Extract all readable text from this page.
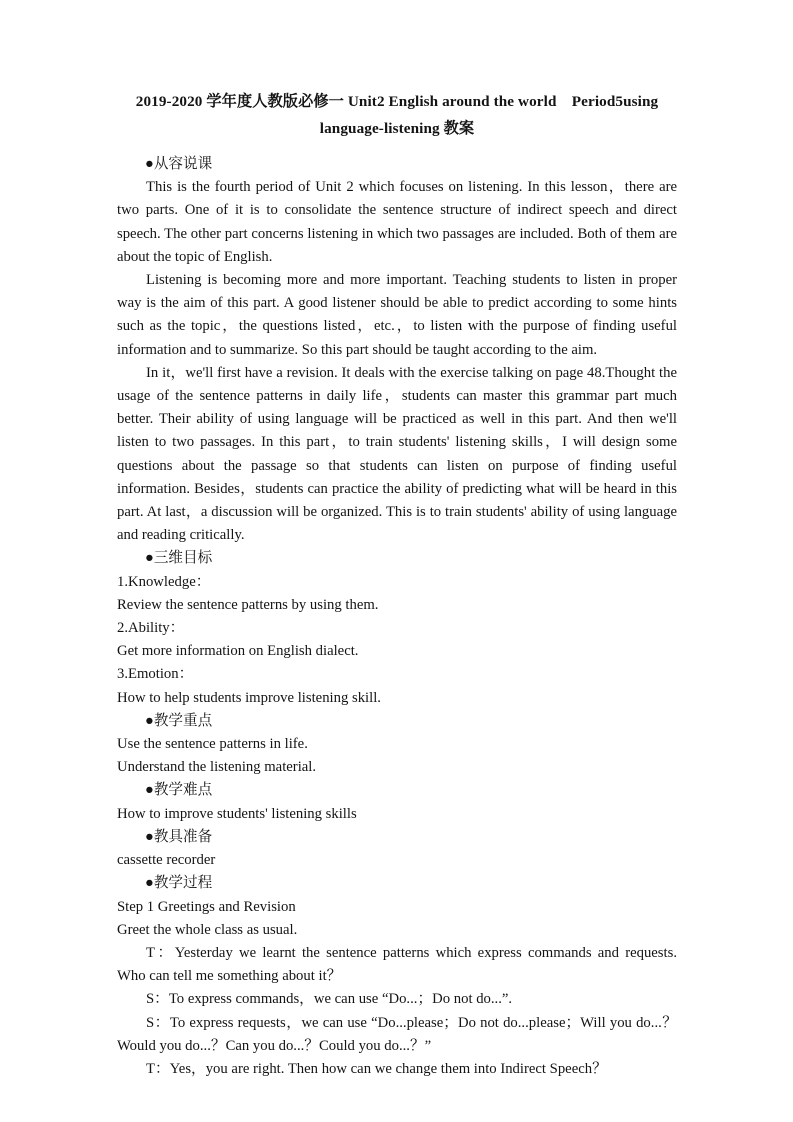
2019-2020 学年度人教版必修一 Unit2 English around the world Period5using
language-listening 教案

●从容说课

This is the fourth period of Unit 2 which focuses on listening. In this lesson，there are two parts. One of it is to consolidate the sentence structure of indirect speech and direct speech. The other part concerns listening in which two passages are included. Both of them are about the topic of English.

Listening is becoming more and more important. Teaching students to listen in proper way is the aim of this part. A good listener should be able to predict according to some hints such as the topic，the questions listed，etc.，to listen with the purpose of finding useful information and to summarize. So this part should be taught according to the aim.

In it，we'll first have a revision. It deals with the exercise talking on page 48.Thought the usage of the sentence patterns in daily life，students can master this grammar part much better. Their ability of using language will be practiced as well in this part. And then we'll listen to two passages. In this part，to train students' listening skills，I will design some questions about the passage so that students can listen on purpose of finding useful information. Besides，students can practice the ability of predicting what will be heard in this part. At last，a discussion will be organized. This is to train students' ability of using language and reading critically.

●三维目标

1.Knowledge：

Review the sentence patterns by using them.

2.Ability：

Get more information on English dialect.

3.Emotion：

How to help students improve listening skill.

●教学重点

Use the sentence patterns in life.

Understand the listening material.

●教学难点

How to improve students' listening skills

●教具准备

cassette recorder

●教学过程

Step 1 Greetings and Revision

Greet the whole class as usual.

T：Yesterday we learnt the sentence patterns which express commands and requests. Who can tell me something about it？

S：To express commands，we can use “Do...；Do not do...”.

S：To express requests，we can use “Do...please；Do not do...please；Will you do...？Would you do...？Can you do...？Could you do...？”

T：Yes，you are right. Then how can we change them into Indirect Speech？
